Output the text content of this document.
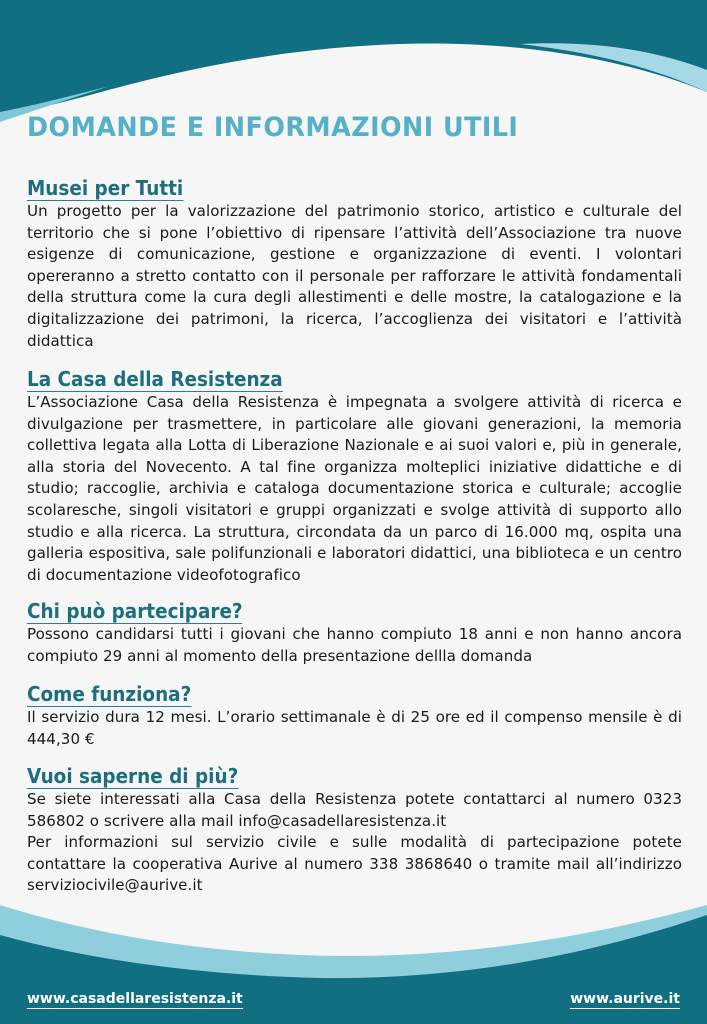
DOMANDE E INFORMAZIONI UTILI
Musei per Tutti

Un progetto per la valorizzazione del patrimonio storico, artistico e culturale del territorio che si pone l’obiettivo di ripensare l’attività dell’Associazione tra nuove esigenze di comunicazione, gestione e organizzazione di eventi. I volontari opereranno a stretto contatto con il personale per rafforzare le attività fondamentali della struttura come la cura degli allestimenti e delle mostre, la catalogazione e la digitalizzazione dei patrimoni, la ricerca, l’accoglienza dei visitatori e l’attività didattica

La Casa della Resistenza

L’Associazione Casa della Resistenza è impegnata a svolgere attività di ricerca e divulgazione per trasmettere, in particolare alle giovani generazioni, la memoria collettiva legata alla Lotta di Liberazione Nazionale e ai suoi valori e, più in generale, alla storia del Novecento. A tal fine organizza molteplici iniziative didattiche e di studio; raccoglie, archivia e cataloga documentazione storica e culturale; accoglie scolaresche, singoli visitatori e gruppi organizzati e svolge attività di supporto allo studio e alla ricerca. La struttura, circondata da un parco di 16.000 mq, ospita una galleria espositiva, sale polifunzionali e laboratori didattici, una biblioteca e un centro di documentazione videofotografico

Chi può partecipare?

Possono candidarsi tutti i giovani che hanno compiuto 18 anni e non hanno ancora compiuto 29 anni al momento della presentazione dellla domanda

Come funziona?

Il servizio dura 12 mesi. L’orario settimanale è di 25 ore ed il compenso mensile è di 444,30 €

Vuoi saperne di più?

Se siete interessati alla Casa della Resistenza potete contattarci al numero 0323 586802 o scrivere alla mail info@casadellaresistenza.it

Per informazioni sul servizio civile e sulle modalità di partecipazione potete contattare la cooperativa Aurive al numero 338 3868640 o tramite mail all’indirizzo serviziocivile@aurive.it

www.casadellaresistenza.it	www.aurive.it
